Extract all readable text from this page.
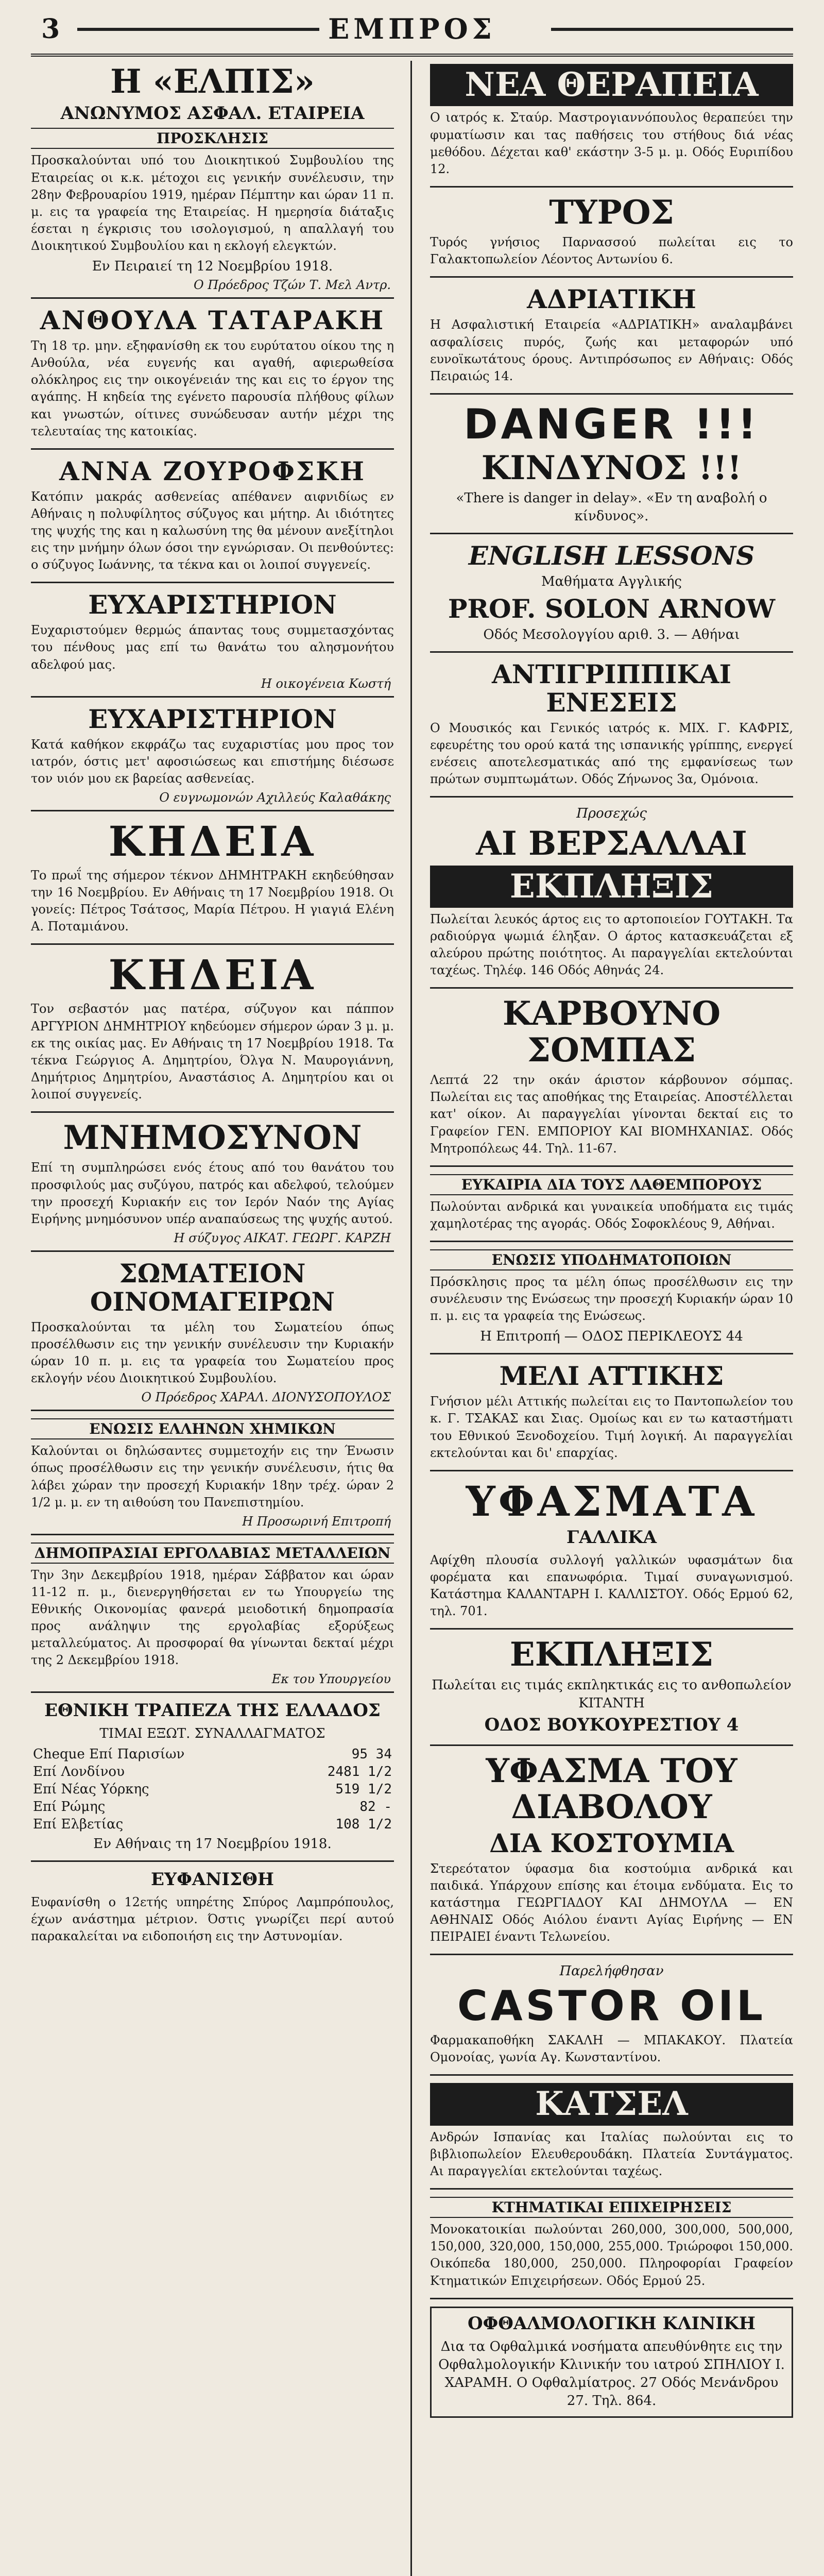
3	ΕΜΠΡΟΣ
Η «ΕΛΠΙΣ»
ΑΝΩΝΥΜΟΣ ΑΣΦΑΛ. ΕΤΑΙΡΕΙΑ
ΠΡΟΣΚΛΗΣΙΣ
Προσκαλούνται υπό του Διοικητικού Συμβουλίου της Εταιρείας οι κ.κ. μέτοχοι εις γενικήν συνέλευσιν, την 28ην Φεβρουαρίου 1919, ημέραν Πέμπτην και ώραν 11 π. μ. εις τα γραφεία της Εταιρείας. Η ημερησία διάταξις έσεται η έγκρισις του ισολογισμού, η απαλλαγή του Διοικητικού Συμβουλίου και η εκλογή ελεγκτών.
Εν Πειραιεί τη 12 Νοεμβρίου 1918.
Ο Πρόεδρος Τζών Τ. Μελ Αντρ.
ΑΝΘΟΥΛΑ ΤΑΤΑΡΑΚΗ
Τη 18 τρ. μην. εξηφανίσθη εκ του ευρύτατου οίκου της η Ανθούλα, νέα ευγενής και αγαθή, αφιερωθείσα ολόκληρος εις την οικογένειάν της και εις το έργον της αγάπης. Η κηδεία της εγένετο παρουσία πλήθους φίλων και γνωστών, οίτινες συνώδευσαν αυτήν μέχρι της τελευταίας της κατοικίας.
ΑΝΝΑ ΖΟΥΡΟΦΣΚΗ
Κατόπιν μακράς ασθενείας απέθανεν αιφνιδίως εν Αθήναις η πολυφίλητος σύζυγος και μήτηρ. Αι ιδιότητες της ψυχής της και η καλωσύνη της θα μένουν ανεξίτηλοι εις την μνήμην όλων όσοι την εγνώρισαν. Οι πενθούντες: ο σύζυγος Ιωάννης, τα τέκνα και οι λοιποί συγγενείς.
ΕΥΧΑΡΙΣΤΗΡΙΟΝ
Ευχαριστούμεν θερμώς άπαντας τους συμμετασχόντας του πένθους μας επί τω θανάτω του αλησμονήτου αδελφού μας.
Η οικογένεια Κωστή
ΕΥΧΑΡΙΣΤΗΡΙΟΝ
Κατά καθήκον εκφράζω τας ευχαριστίας μου προς τον ιατρόν, όστις μετ' αφοσιώσεως και επιστήμης διέσωσε τον υιόν μου εκ βαρείας ασθενείας.
Ο ευγνωμονών Αχιλλεύς Καλαθάκης
ΚΗΔΕΙΑ
Το πρωΐ της σήμερον τέκνον ΔΗΜΗΤΡΑΚΗ εκηδεύθησαν την 16 Νοεμβρίου. Εν Αθήναις τη 17 Νοεμβρίου 1918. Οι γονείς: Πέτρος Τσάτσος, Μαρία Πέτρου. Η γιαγιά Ελένη Α. Ποταμιάνου.
ΚΗΔΕΙΑ
Τον σεβαστόν μας πατέρα, σύζυγον και πάππον ΑΡΓΥΡΙΟΝ ΔΗΜΗΤΡΙΟΥ κηδεύομεν σήμερον ώραν 3 μ. μ. εκ της οικίας μας. Εν Αθήναις τη 17 Νοεμβρίου 1918. Τα τέκνα Γεώργιος Α. Δημητρίου, Όλγα Ν. Μαυρογιάννη, Δημήτριος Δημητρίου, Αναστάσιος Α. Δημητρίου και οι λοιποί συγγενείς.
ΜΝΗΜΟΣΥΝΟΝ
Επί τη συμπληρώσει ενός έτους από του θανάτου του προσφιλούς μας συζύγου, πατρός και αδελφού, τελούμεν την προσεχή Κυριακήν εις τον Ιερόν Ναόν της Αγίας Ειρήνης μνημόσυνον υπέρ αναπαύσεως της ψυχής αυτού.
Η σύζυγος ΑΙΚΑΤ. ΓΕΩΡΓ. ΚΑΡΖΗ
ΣΩΜΑΤΕΙΟΝ ΟΙΝΟΜΑΓΕΙΡΩΝ
Προσκαλούνται τα μέλη του Σωματείου όπως προσέλθωσιν εις την γενικήν συνέλευσιν την Κυριακήν ώραν 10 π. μ. εις τα γραφεία του Σωματείου προς εκλογήν νέου Διοικητικού Συμβουλίου.
Ο Πρόεδρος ΧΑΡΑΛ. ΔΙΟΝΥΣΟΠΟΥΛΟΣ
ΕΝΩΣΙΣ ΕΛΛΗΝΩΝ ΧΗΜΙΚΩΝ
Καλούνται οι δηλώσαντες συμμετοχήν εις την Ένωσιν όπως προσέλθωσιν εις την γενικήν συνέλευσιν, ήτις θα λάβει χώραν την προσεχή Κυριακήν 18ην τρέχ. ώραν 2 1/2 μ. μ. εν τη αιθούση του Πανεπιστημίου.
Η Προσωρινή Επιτροπή
ΔΗΜΟΠΡΑΣΙΑΙ ΕΡΓΟΛΑΒΙΑΣ ΜΕΤΑΛΛΕΙΩΝ
Την 3ην Δεκεμβρίου 1918, ημέραν Σάββατον και ώραν 11-12 π. μ., διενεργηθήσεται εν τω Υπουργείω της Εθνικής Οικονομίας φανερά μειοδοτική δημοπρασία προς ανάληψιν της εργολαβίας εξορύξεως μεταλλεύματος. Αι προσφοραί θα γίνωνται δεκταί μέχρι της 2 Δεκεμβρίου 1918.
Εκ του Υπουργείου
ΕΘΝΙΚΗ ΤΡΑΠΕΖΑ ΤΗΣ ΕΛΛΑΔΟΣ
ΤΙΜΑΙ ΕΞΩΤ. ΣΥΝΑΛΛΑΓΜΑΤΟΣ
Cheque Επί Παρισίων	95 34
Επί Λονδίνου	2481 1/2
Επί Νέας Υόρκης	519 1/2
Επί Ρώμης	82 -
Επί Ελβετίας	108 1/2
Εν Αθήναις τη 17 Νοεμβρίου 1918.
ΕΥΦΑΝΙΣΘΗ
Ευφανίσθη ο 12ετής υπηρέτης Σπύρος Λαμπρόπουλος, έχων ανάστημα μέτριον. Όστις γνωρίζει περί αυτού παρακαλείται να ειδοποιήση εις την Αστυνομίαν.
ΝΕΑ ΘΕΡΑΠΕΙΑ
Ο ιατρός κ. Σταύρ. Μαστρογιαννόπουλος θεραπεύει την φυματίωσιν και τας παθήσεις του στήθους διά νέας μεθόδου. Δέχεται καθ' εκάστην 3-5 μ. μ. Οδός Ευριπίδου 12.
ΤΥΡΟΣ
Τυρός γνήσιος Παρνασσού πωλείται εις το Γαλακτοπωλείον Λέοντος Αντωνίου 6.
ΑΔΡΙΑΤΙΚΗ
Η Ασφαλιστική Εταιρεία «ΑΔΡΙΑΤΙΚΗ» αναλαμβάνει ασφαλίσεις πυρός, ζωής και μεταφορών υπό ευνοϊκωτάτους όρους. Αντιπρόσωπος εν Αθήναις: Οδός Πειραιώς 14.
DANGER !!!
ΚΙΝΔΥΝΟΣ !!!
«There is danger in delay». «Εν τη αναβολή ο κίνδυνος».
ENGLISH LESSONS
Μαθήματα Αγγλικής
PROF. SOLON ARNOW
Οδός Μεσολογγίου αριθ. 3. — Αθήναι
ΑΝΤΙΓΡΙΠΠΙΚΑΙ ΕΝΕΣΕΙΣ
Ο Μουσικός και Γενικός ιατρός κ. ΜΙΧ. Γ. ΚΑΦΡΙΣ, εφευρέτης του ορού κατά της ισπανικής γρίππης, ενεργεί ενέσεις αποτελεσματικάς από της εμφανίσεως των πρώτων συμπτωμάτων. Οδός Ζήνωνος 3α, Ομόνοια.
Προσεχώς
ΑΙ ΒΕΡΣΑΛΛΑΙ
ΕΚΠΛΗΞΙΣ
Πωλείται λευκός άρτος εις το αρτοποιείον ΓΟΥΤΑΚΗ. Τα ραδιούργα ψωμιά έληξαν. Ο άρτος κατασκευάζεται εξ αλεύρου πρώτης ποιότητος. Αι παραγγελίαι εκτελούνται ταχέως. Τηλέφ. 146 Οδός Αθηνάς 24.
ΚΑΡΒΟΥΝΟ ΣΟΜΠΑΣ
Λεπτά 22 την οκάν άριστον κάρβουνον σόμπας. Πωλείται εις τας αποθήκας της Εταιρείας. Αποστέλλεται κατ' οίκον. Αι παραγγελίαι γίνονται δεκταί εις το Γραφείον ΓΕΝ. ΕΜΠΟΡΙΟΥ ΚΑΙ ΒΙΟΜΗΧΑΝΙΑΣ. Οδός Μητροπόλεως 44. Τηλ. 11-67.
ΕΥΚΑΙΡΙΑ ΔΙΑ ΤΟΥΣ ΛΑΘΕΜΠΟΡΟΥΣ
Πωλούνται ανδρικά και γυναικεία υποδήματα εις τιμάς χαμηλοτέρας της αγοράς. Οδός Σοφοκλέους 9, Αθήναι.
ΕΝΩΣΙΣ ΥΠΟΔΗΜΑΤΟΠΟΙΩΝ
Πρόσκλησις προς τα μέλη όπως προσέλθωσιν εις την συνέλευσιν της Ενώσεως την προσεχή Κυριακήν ώραν 10 π. μ. εις τα γραφεία της Ενώσεως.
Η Επιτροπή — ΟΔΟΣ ΠΕΡΙΚΛΕΟΥΣ 44
ΜΕΛΙ ΑΤΤΙΚΗΣ
Γνήσιον μέλι Αττικής πωλείται εις το Παντοπωλείον του κ. Γ. ΤΣΑΚΑΣ και Σιας. Ομοίως και εν τω καταστήματι του Εθνικού Ξενοδοχείου. Τιμή λογική. Αι παραγγελίαι εκτελούνται και δι' επαρχίας.
ΥΦΑΣΜΑΤΑ
ΓΑΛΛΙΚΑ
Αφίχθη πλουσία συλλογή γαλλικών υφασμάτων δια φορέματα και επανωφόρια. Τιμαί συναγωνισμού. Κατάστημα ΚΑΛΑΝΤΑΡΗ Ι. ΚΑΛΛΙΣΤΟΥ. Οδός Ερμού 62, τηλ. 701.
ΕΚΠΛΗΞΙΣ
Πωλείται εις τιμάς εκπληκτικάς εις το ανθοπωλείον ΚΙΤΑΝΤΗ
ΟΔΟΣ ΒΟΥΚΟΥΡΕΣΤΙΟΥ 4
ΥΦΑΣΜΑ ΤΟΥ ΔΙΑΒΟΛΟΥ
ΔΙΑ ΚΟΣΤΟΥΜΙΑ
Στερεότατον ύφασμα δια κοστούμια ανδρικά και παιδικά. Υπάρχουν επίσης και έτοιμα ενδύματα. Εις το κατάστημα ΓΕΩΡΓΙΑΔΟΥ ΚΑΙ ΔΗΜΟΥΛΑ — ΕΝ ΑΘΗΝΑΙΣ Οδός Αιόλου έναντι Αγίας Ειρήνης — ΕΝ ΠΕΙΡΑΙΕΙ έναντι Τελωνείου.
Παρελήφθησαν
CASTOR OIL
Φαρμακαποθήκη ΣΑΚΑΛΗ — ΜΠΑΚΑΚΟΥ. Πλατεία Ομονοίας, γωνία Αγ. Κωνσταντίνου.
ΚΑΤΣΕΛ
Ανδρών Ισπανίας και Ιταλίας πωλούνται εις το βιβλιοπωλείον Ελευθερουδάκη. Πλατεία Συντάγματος. Αι παραγγελίαι εκτελούνται ταχέως.
ΚΤΗΜΑΤΙΚΑΙ ΕΠΙΧΕΙΡΗΣΕΙΣ
Μονοκατοικίαι πωλούνται 260,000, 300,000, 500,000, 150,000, 320,000, 150,000, 255,000. Τριώροφοι 150,000. Οικόπεδα 180,000, 250,000. Πληροφορίαι Γραφείον Κτηματικών Επιχειρήσεων. Οδός Ερμού 25.
ΟΦΘΑΛΜΟΛΟΓΙΚΗ ΚΛΙΝΙΚΗ
Δια τα Οφθαλμικά νοσήματα απευθύνθητε εις την Οφθαλμολογικήν Κλινικήν του ιατρού ΣΠΗΛΙΟΥ Ι. ΧΑΡΑΜΗ. Ο Οφθαλμίατρος. 27 Οδός Μενάνδρου 27. Τηλ. 864.
